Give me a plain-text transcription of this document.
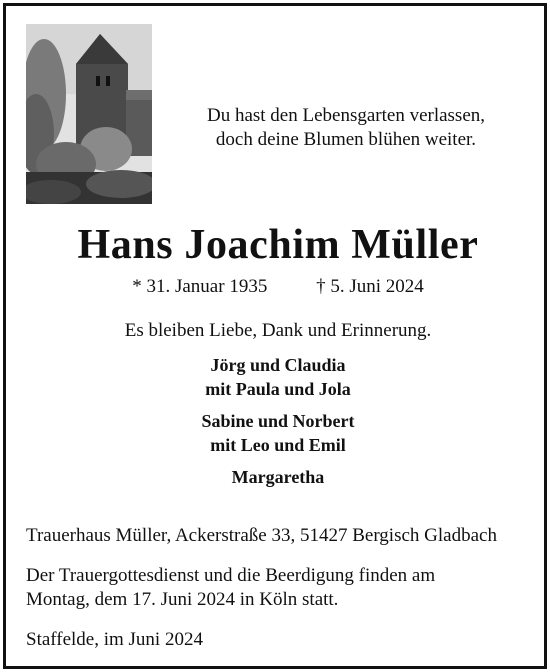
Du hast den Lebensgarten verlassen,
doch deine Blumen blühen weiter.
Hans Joachim Müller
* 31. Januar 1935	† 5. Juni 2024
Es bleiben Liebe, Dank und Erinnerung.
Jörg und Claudia
mit Paula und Jola
Sabine und Norbert
mit Leo und Emil
Margaretha
Trauerhaus Müller, Ackerstraße 33, 51427 Bergisch Gladbach
Der Trauergottesdienst und die Beerdigung finden am
Montag, dem 17. Juni 2024 in Köln statt.
Staffelde, im Juni 2024
